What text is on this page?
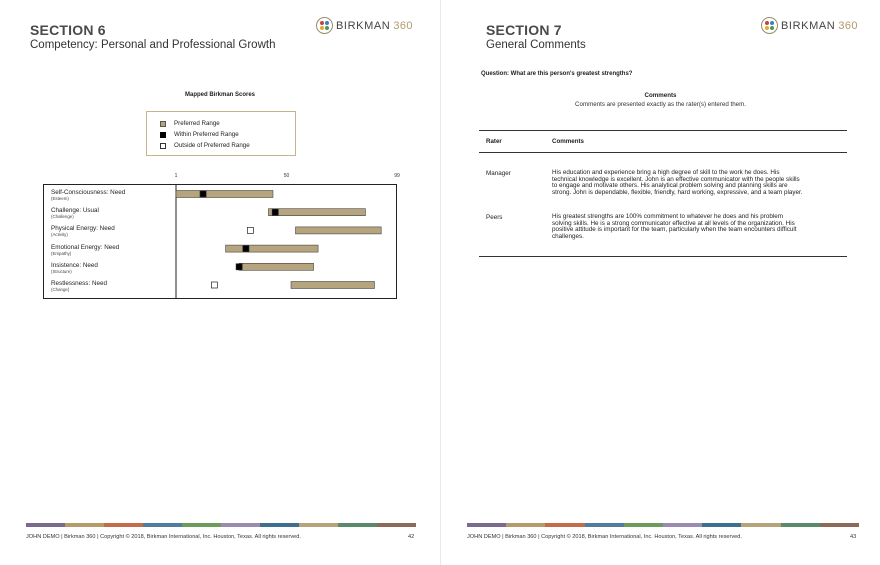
SECTION 6
Competency: Personal and Professional Growth
BIRKMAN 360
Mapped Birkman Scores
Preferred Range
Within Preferred Range
Outside of Preferred Range
1	50	99
Self-Consciousness: Need
(Esteem)
Challenge: Usual
(Challenge)
Physical Energy: Need
(Activity)
Emotional Energy: Need
(Empathy)
Insistence: Need
(Structure)
Restlessness: Need
(Change)
JOHN DEMO | Birkman 360 | Copyright © 2018, Birkman International, Inc. Houston, Texas. All rights reserved.	42
SECTION 7
General Comments
BIRKMAN 360
Question: What are this person's greatest strengths?
Comments
Comments are presented exactly as the rater(s) entered them.
Rater	Comments
Manager	His education and experience bring a high degree of skill to the work he does. His
technical knowledge is excellent. John is an effective communicator with the people skills
to engage and motivate others. His analytical problem solving and planning skills are
strong. John is dependable, flexible, friendly, hard working, expressive, and a team player.
Peers	His greatest strengths are 100% commitment to whatever he does and his problem
solving skills. He is a strong communicator effective at all levels of the organization. His
positive attitude is important for the team, particularly when the team encounters difficult
challenges.
JOHN DEMO | Birkman 360 | Copyright © 2018, Birkman International, Inc. Houston, Texas. All rights reserved.	43
